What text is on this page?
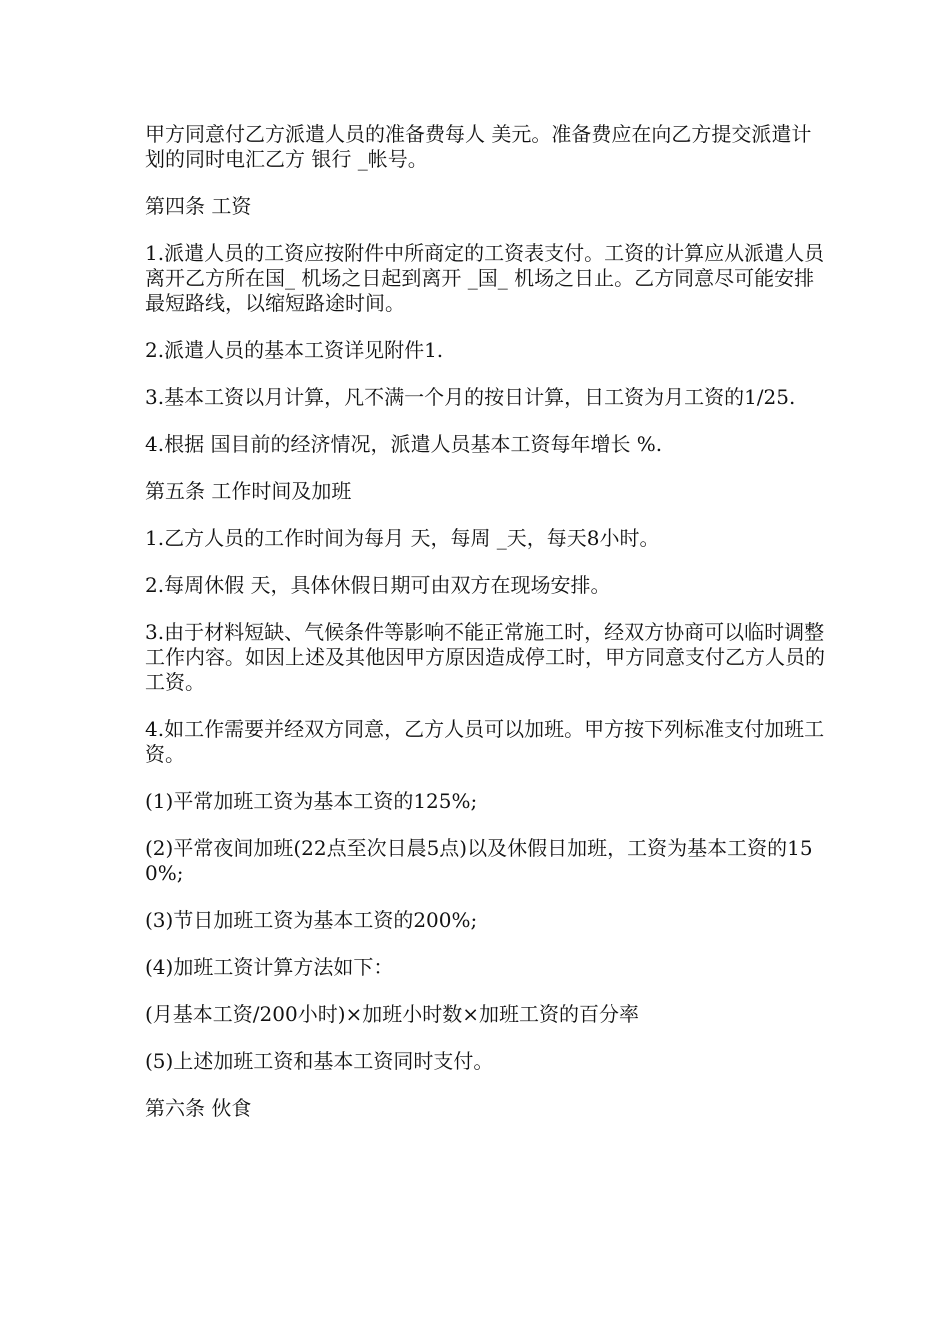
甲方同意付乙方派遣人员的准备费每人 美元。准备费应在向乙方提交派遣计划的同时电汇乙方 银行 _帐号。

第四条 工资

1.派遣人员的工资应按附件中所商定的工资表支付。工资的计算应从派遣人员离开乙方所在国_ 机场之日起到离开 _国_ 机场之日止。乙方同意尽可能安排最短路线，以缩短路途时间。

2.派遣人员的基本工资详见附件1.

3.基本工资以月计算，凡不满一个月的按日计算，日工资为月工资的1/25.

4.根据 国目前的经济情况，派遣人员基本工资每年增长 %.

第五条 工作时间及加班

1.乙方人员的工作时间为每月 天，每周 _天，每天8小时。

2.每周休假 天，具体休假日期可由双方在现场安排。

3.由于材料短缺、气候条件等影响不能正常施工时，经双方协商可以临时调整工作内容。如因上述及其他因甲方原因造成停工时，甲方同意支付乙方人员的工资。

4.如工作需要并经双方同意，乙方人员可以加班。甲方按下列标准支付加班工资。

(1)平常加班工资为基本工资的125%;

(2)平常夜间加班(22点至次日晨5点)以及休假日加班，工资为基本工资的150%;

(3)节日加班工资为基本工资的200%;

(4)加班工资计算方法如下：

(月基本工资/200小时)×加班小时数×加班工资的百分率

(5)上述加班工资和基本工资同时支付。

第六条 伙食
